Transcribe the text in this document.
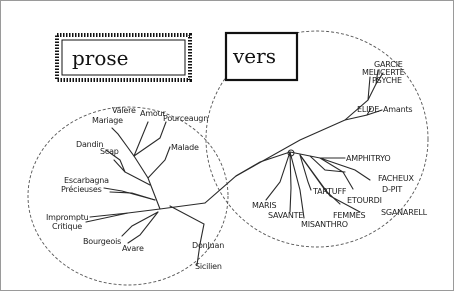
prose	vers
Valere Amour
Mariage	Pourceaugn
Dandin
Scap	Malade
Escarbagna
Précieuses
Impromptu
Critique
Bourgeois
Avare	DonJuan
Sicilien
GARCIE
MELICERTE
PSYCHE
ELIDE Amants
AMPHITRYO
FACHEUX
D-PIT
ETOURDI
TARTUFF
MARIS
SAVANTE	FEMMES
MISANTHRO
SGANARELL
